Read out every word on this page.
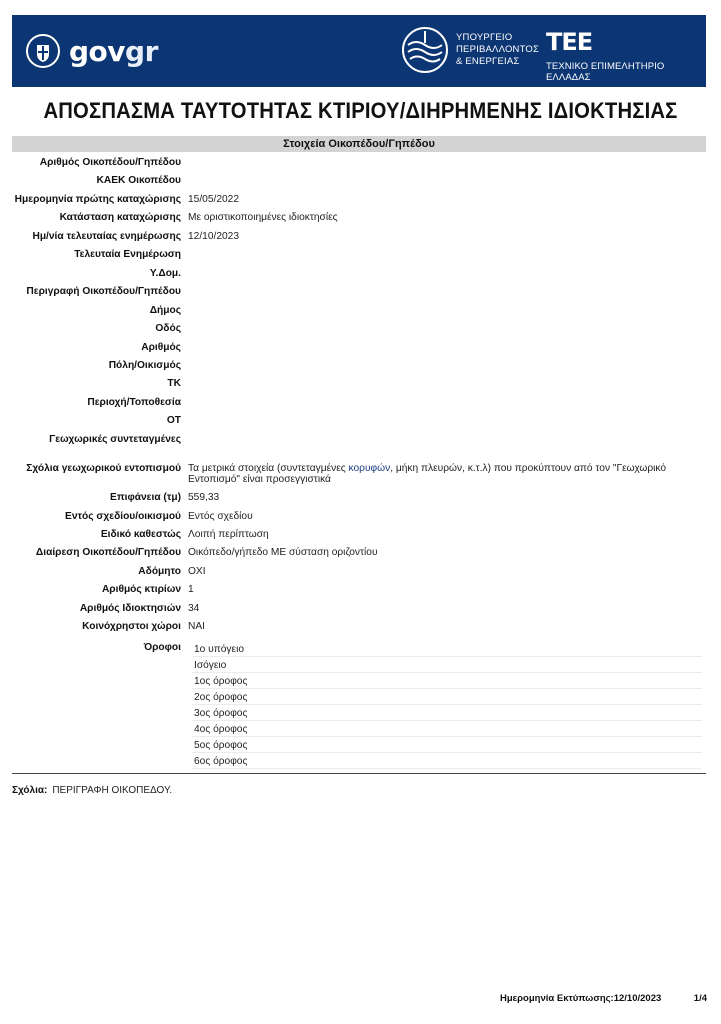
govgr	ΥΠΟΥΡΓΕΙΟ
ΠΕΡΙΒΑΛΛΟΝΤΟΣ
& ΕΝΕΡΓΕΙΑΣ
ΤΕΕ
ΤΕΧΝΙΚΟ ΕΠΙΜΕΛΗΤΗΡΙΟ ΕΛΛΑΔΑΣ
ΑΠΟΣΠΑΣΜΑ ΤΑΥΤΟΤΗΤΑΣ ΚΤΙΡΙΟΥ/ΔΙΗΡΗΜΕΝΗΣ ΙΔΙΟΚΤΗΣΙΑΣ
Στοιχεία Οικοπέδου/Γηπέδου
Αριθμός Οικοπέδου/Γηπέδου
ΚΑΕΚ Οικοπέδου
Ημερομηνία πρώτης καταχώρισης 15/05/2022
Κατάσταση καταχώρισης Με οριστικοποιημένες ιδιοκτησίες
Ημ/νία τελευταίας ενημέρωσης 12/10/2023
Τελευταία Ενημέρωση
Υ.Δομ.
Περιγραφή Οικοπέδου/Γηπέδου
Δήμος
Οδός
Αριθμός
Πόλη/Οικισμός
ΤΚ
Περιοχή/Τοποθεσία
ΟΤ
Γεωχωρικές συντεταγμένες
Σχόλια γεωχωρικού εντοπισμού Τα μετρικά στοιχεία (συντεταγμένες κορυφών, μήκη πλευρών, κ.τ.λ) που προκύπτουν από τον "Γεωχωρικό Εντοπισμό" είναι προσεγγιστικά
Επιφάνεια (τμ) 559,33
Εντός σχεδίου/οικισμού Εντός σχεδίου
Ειδικό καθεστώς Λοιπή περίπτωση
Διαίρεση Οικοπέδου/Γηπέδου Οικόπεδο/γήπεδο ΜΕ σύσταση οριζοντίου
Αδόμητο ΟΧΙ
Αριθμός κτιρίων 1
Αριθμός Ιδιοκτησιών 34
Κοινόχρηστοι χώροι ΝΑΙ
Όροφοι 1ο υπόγειο
Ισόγειο
1ος όροφος
2ος όροφος
3ος όροφος
4ος όροφος
5ος όροφος
6ος όροφος
Σχόλια: ΠΕΡΙΓΡΑΦΗ ΟΙΚΟΠΕΔΟΥ.
Ημερομηνία Εκτύπωσης:12/10/2023	1/4
